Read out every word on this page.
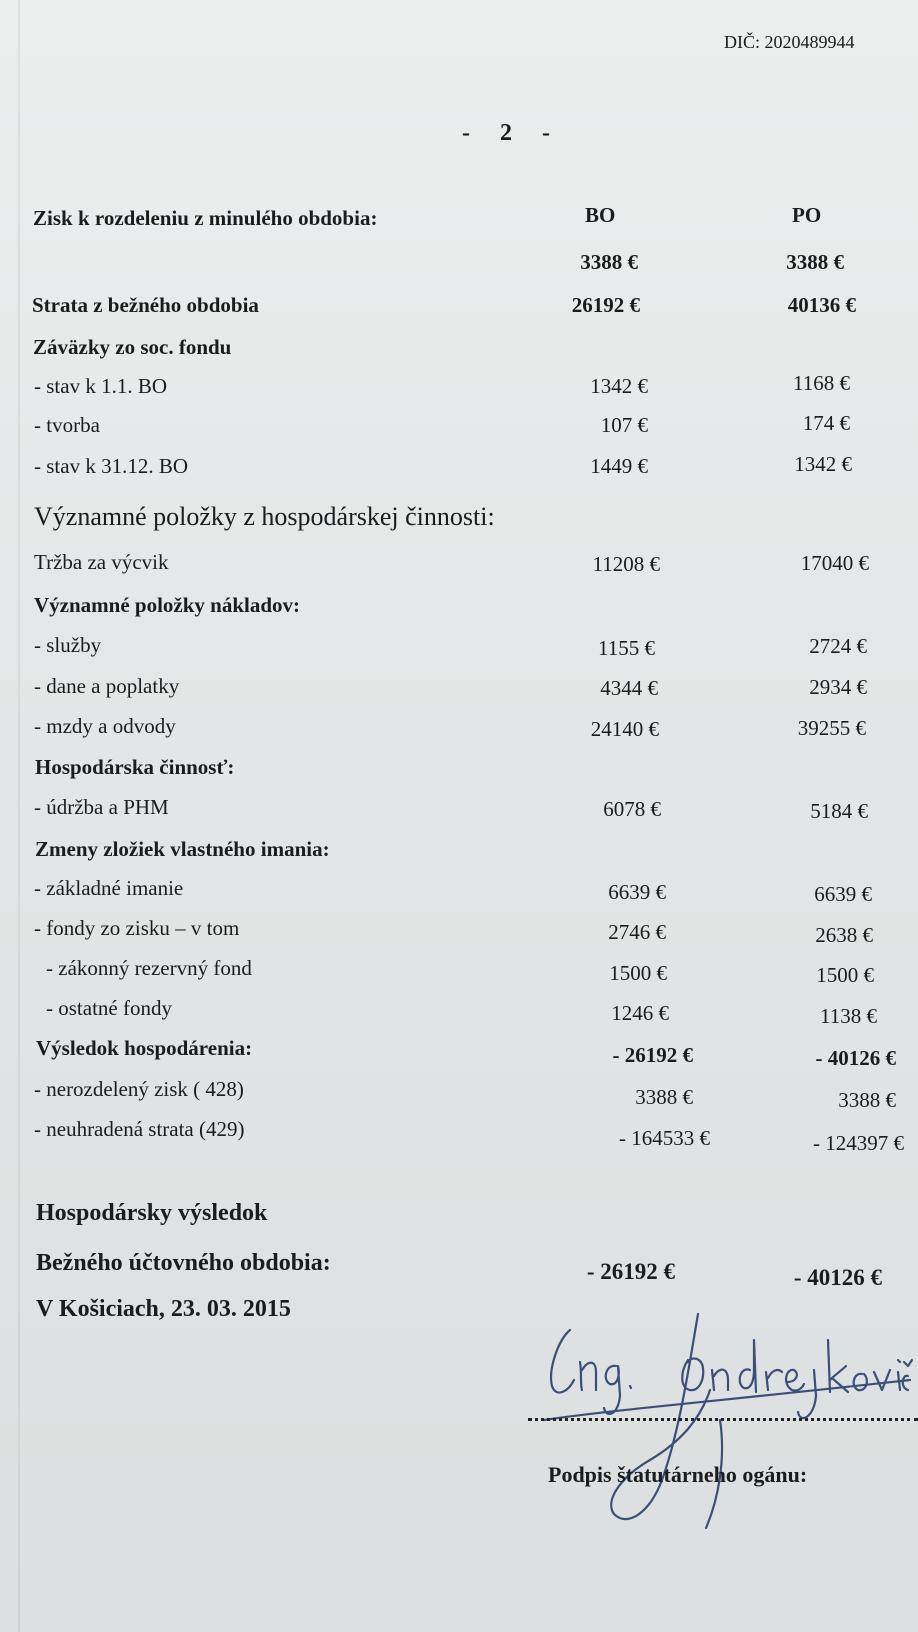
DIČ: 2020489944
- 2 -
BO	PO
Zisk k rozdeleniu z minulého obdobia:
3388 €	3388 €
Strata z bežného obdobia	26192 €	40136 €
Záväzky zo soc. fondu
- stav k 1.1. BO	1342 €	1168 €
- tvorba	107 €	174 €
- stav k 31.12. BO	1449 €	1342 €
Významné položky z hospodárskej činnosti:
Tržba za výcvik	11208 €	17040 €
Významné položky nákladov:
- služby	1155 €	2724 €
- dane a poplatky	4344 €	2934 €
- mzdy a odvody	24140 €	39255 €
Hospodárska činnosť:
- údržba a PHM	6078 €	5184 €
Zmeny zložiek vlastného imania:
- základné imanie	6639 €	6639 €
- fondy zo zisku – v tom	2746 €	2638 €
- zákonný rezervný fond	1500 €	1500 €
- ostatné fondy	1246 €	1138 €
Výsledok hospodárenia:	- 26192 €	- 40126 €
- nerozdelený zisk ( 428)	3388 €	3388 €
- neuhradená strata (429)	- 164533 €	- 124397 €
Hospodársky výsledok
Bežného účtovného obdobia:	- 26192 €	- 40126 €
V Košiciach, 23. 03. 2015
Podpis štatutárneho ogánu:
